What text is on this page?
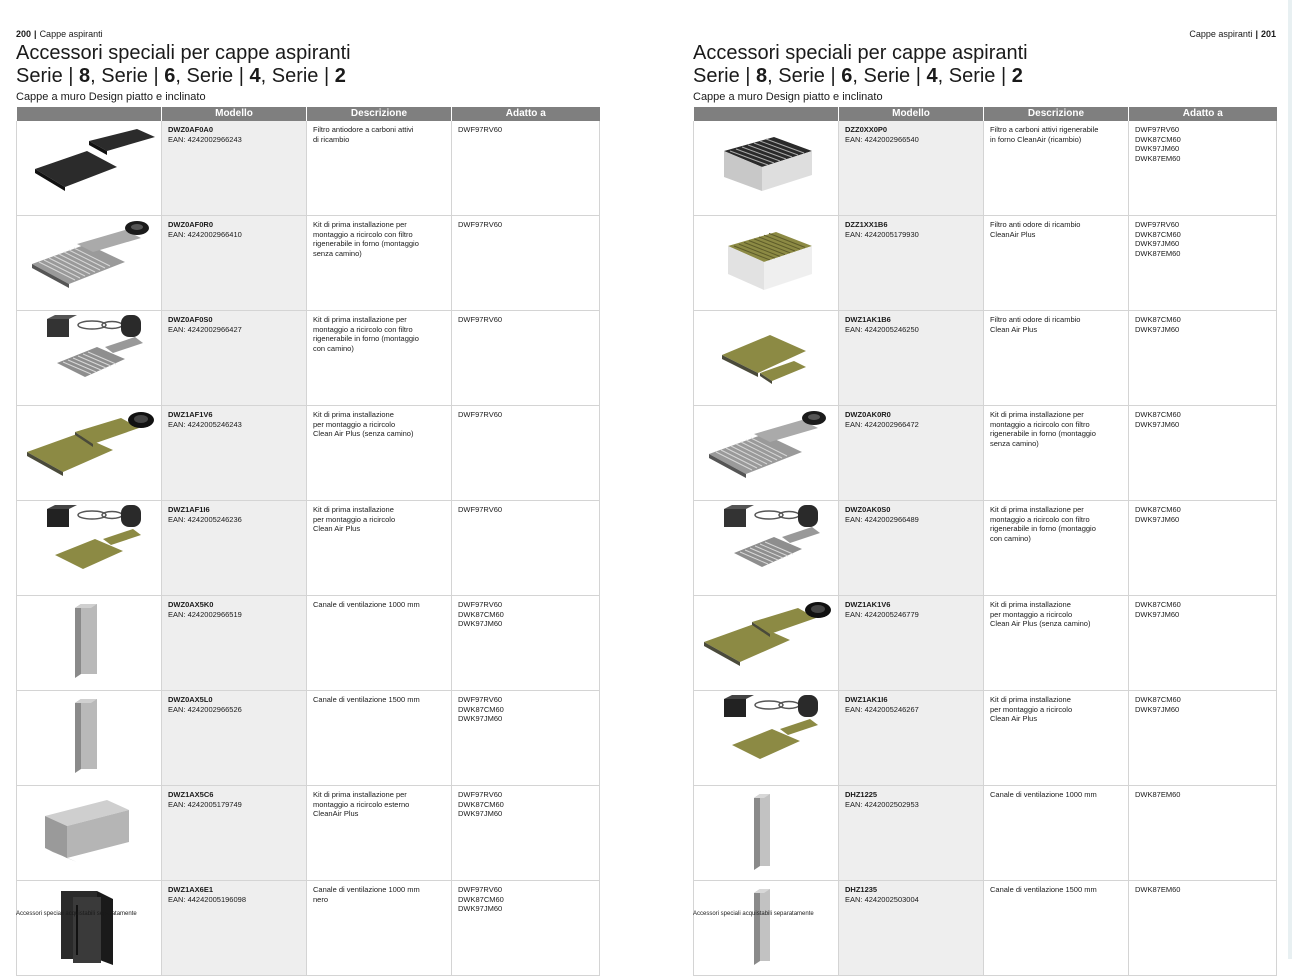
200 | Cappe aspiranti
Accessori speciali per cappe aspiranti
Serie | 8, Serie | 6, Serie | 4, Serie | 2
Cappe a muro Design piatto e inclinato
	Modello	Descrizione	Adatto a

DWZ0AF0A0
EAN: 4242002966243	Filtro antiodore a carboni attivi
di ricambio	DWF97RV60

DWZ0AF0R0
EAN: 4242002966410	Kit di prima installazione per
montaggio a ricircolo con filtro
rigenerabile in forno (montaggio
senza camino)	DWF97RV60

DWZ0AF0S0
EAN: 4242002966427	Kit di prima installazione per
montaggio a ricircolo con filtro
rigenerabile in forno (montaggio
con camino)	DWF97RV60

DWZ1AF1V6
EAN: 4242005246243	Kit di prima installazione
per montaggio a ricircolo
Clean Air Plus (senza camino)	DWF97RV60

DWZ1AF1I6
EAN: 4242005246236	Kit di prima installazione
per montaggio a ricircolo
Clean Air Plus	DWF97RV60

DWZ0AX5K0
EAN: 4242002966519	Canale di ventilazione 1000 mm	DWF97RV60
DWK87CM60
DWK97JM60

DWZ0AX5L0
EAN: 4242002966526	Canale di ventilazione 1500 mm	DWF97RV60
DWK87CM60
DWK97JM60

DWZ1AX5C6
EAN: 4242005179749	Kit di prima installazione per
montaggio a ricircolo esterno
CleanAir Plus	DWF97RV60
DWK87CM60
DWK97JM60

DWZ1AX6E1
EAN: 44242005196098	Canale di ventilazione 1000 mm
nero	DWF97RV60
DWK87CM60
DWK97JM60
Accessori speciali acquistabili separatamente
Cappe aspiranti | 201
Accessori speciali per cappe aspiranti
Serie | 8, Serie | 6, Serie | 4, Serie | 2
Cappe a muro Design piatto e inclinato
	Modello	Descrizione	Adatto a

DZZ0XX0P0
EAN: 4242002966540	Filtro a carboni attivi rigenerabile
in forno CleanAir (ricambio)	DWF97RV60
DWK87CM60
DWK97JM60
DWK87EM60

DZZ1XX1B6
EAN: 4242005179930	Filtro anti odore di ricambio
CleanAir Plus	DWF97RV60
DWK87CM60
DWK97JM60
DWK87EM60

DWZ1AK1B6
EAN: 4242005246250	Filtro anti odore di ricambio
Clean Air Plus	DWK87CM60
DWK97JM60

DWZ0AK0R0
EAN: 4242002966472	Kit di prima installazione per
montaggio a ricircolo con filtro
rigenerabile in forno (montaggio
senza camino)	DWK87CM60
DWK97JM60

DWZ0AK0S0
EAN: 4242002966489	Kit di prima installazione per
montaggio a ricircolo con filtro
rigenerabile in forno (montaggio
con camino)	DWK87CM60
DWK97JM60

DWZ1AK1V6
EAN: 4242005246779	Kit di prima installazione
per montaggio a ricircolo
Clean Air Plus (senza camino)	DWK87CM60
DWK97JM60

DWZ1AK1I6
EAN: 4242005246267	Kit di prima installazione
per montaggio a ricircolo
Clean Air Plus	DWK87CM60
DWK97JM60

DHZ1225
EAN: 4242002502953	Canale di ventilazione 1000 mm	DWK87EM60

DHZ1235
EAN: 4242002503004	Canale di ventilazione 1500 mm	DWK87EM60
Accessori speciali acquistabili separatamente
